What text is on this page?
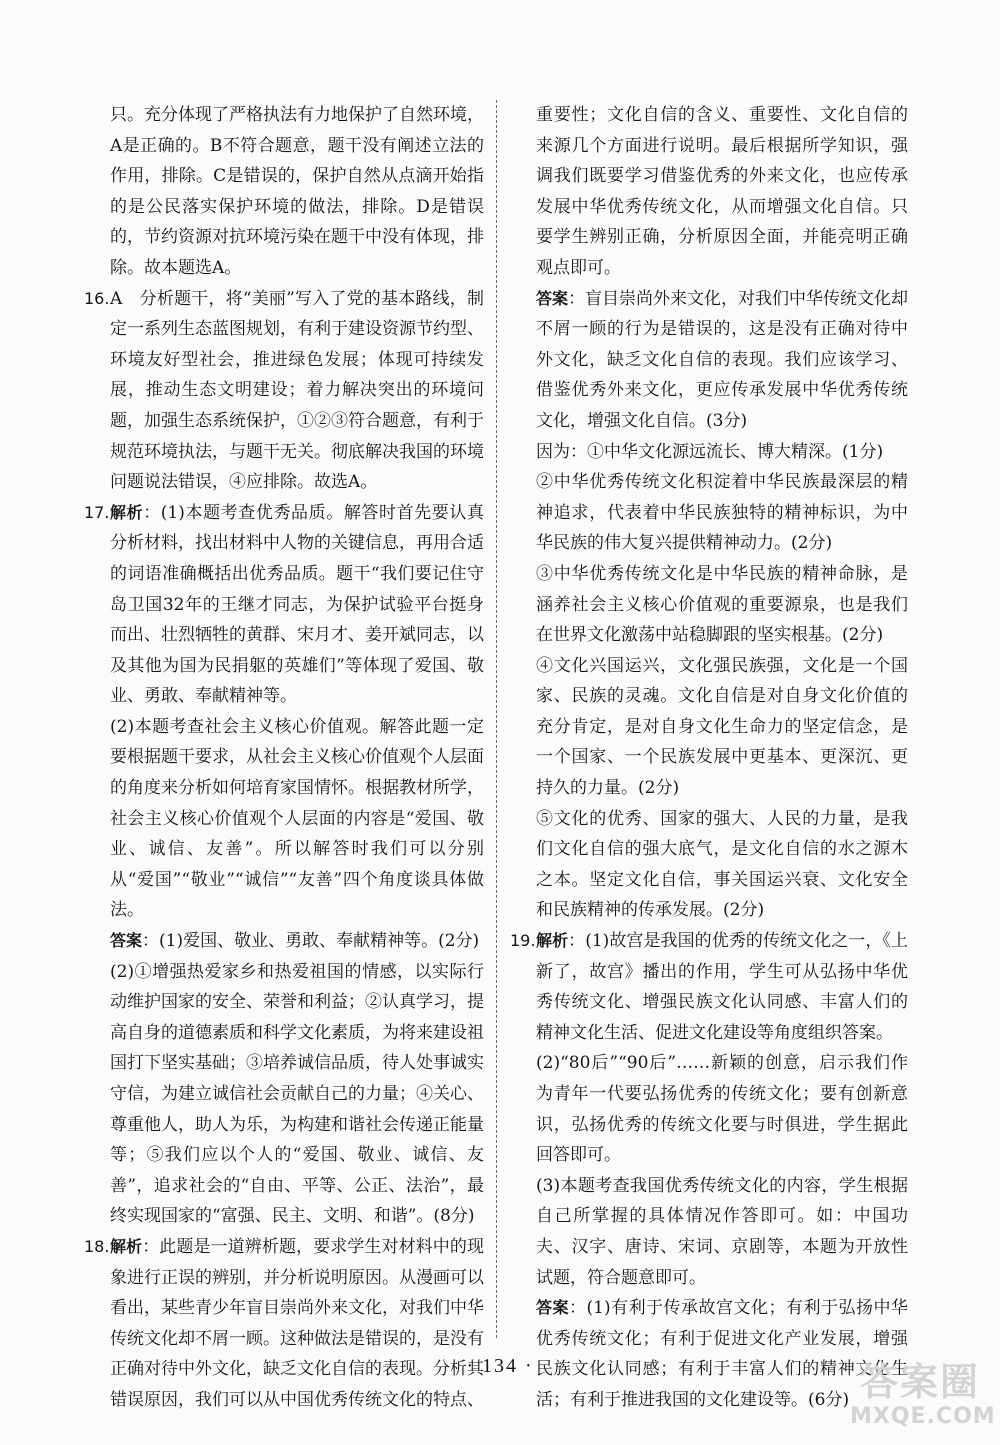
只。充分体现了严格执法有力地保护了自然环境，A是正确的。B不符合题意，题干没有阐述立法的作用，排除。C是错误的，保护自然从点滴开始指的是公民落实保护环境的做法，排除。D是错误的，节约资源对抗环境污染在题干中没有体现，排除。故本题选A。

16. A　分析题干，将“美丽”写入了党的基本路线，制定一系列生态蓝图规划，有利于建设资源节约型、环境友好型社会，推进绿色发展；体现可持续发展，推动生态文明建设；着力解决突出的环境问题，加强生态系统保护，①②③符合题意，有利于规范环境执法，与题干无关。彻底解决我国的环境问题说法错误，④应排除。故选A。

17. 解析：(1)本题考查优秀品质。解答时首先要认真分析材料，找出材料中人物的关键信息，再用合适的词语准确概括出优秀品质。题干“我们要记住守岛卫国32年的王继才同志，为保护试验平台挺身而出、壮烈牺牲的黄群、宋月才、姜开斌同志，以及其他为国为民捐躯的英雄们”等体现了爱国、敬业、勇敢、奉献精神等。

(2)本题考查社会主义核心价值观。解答此题一定要根据题干要求，从社会主义核心价值观个人层面的角度来分析如何培育家国情怀。根据教材所学，社会主义核心价值观个人层面的内容是“爱国、敬业、诚信、友善”。所以解答时我们可以分别从“爱国”“敬业”“诚信”“友善”四个角度谈具体做法。

答案：(1)爱国、敬业、勇敢、奉献精神等。(2分)

(2)①增强热爱家乡和热爱祖国的情感，以实际行动维护国家的安全、荣誉和利益；②认真学习，提高自身的道德素质和科学文化素质，为将来建设祖国打下坚实基础；③培养诚信品质，待人处事诚实守信，为建立诚信社会贡献自己的力量；④关心、尊重他人，助人为乐，为构建和谐社会传递正能量等；⑤我们应以个人的“爱国、敬业、诚信、友善”，追求社会的“自由、平等、公正、法治”，最终实现国家的“富强、民主、文明、和谐”。(8分)

18. 解析：此题是一道辨析题，要求学生对材料中的现象进行正误的辨别，并分析说明原因。从漫画可以看出，某些青少年盲目崇尚外来文化，对我们中华传统文化却不屑一顾。这种做法是错误的，是没有正确对待中外文化，缺乏文化自信的表现。分析其错误原因，我们可以从中国优秀传统文化的特点、

重要性；文化自信的含义、重要性、文化自信的来源几个方面进行说明。最后根据所学知识，强调我们既要学习借鉴优秀的外来文化，也应传承发展中华优秀传统文化，从而增强文化自信。只要学生辨别正确，分析原因全面，并能亮明正确观点即可。

答案：盲目崇尚外来文化，对我们中华传统文化却不屑一顾的行为是错误的，这是没有正确对待中外文化，缺乏文化自信的表现。我们应该学习、借鉴优秀外来文化，更应传承发展中华优秀传统文化，增强文化自信。(3分)

因为：①中华文化源远流长、博大精深。(1分)

②中华优秀传统文化积淀着中华民族最深层的精神追求，代表着中华民族独特的精神标识，为中华民族的伟大复兴提供精神动力。(2分)

③中华优秀传统文化是中华民族的精神命脉，是涵养社会主义核心价值观的重要源泉，也是我们在世界文化激荡中站稳脚跟的坚实根基。(2分)

④文化兴国运兴，文化强民族强，文化是一个国家、民族的灵魂。文化自信是对自身文化价值的充分肯定，是对自身文化生命力的坚定信念，是一个国家、一个民族发展中更基本、更深沉、更持久的力量。(2分)

⑤文化的优秀、国家的强大、人民的力量，是我们文化自信的强大底气，是文化自信的水之源木之本。坚定文化自信，事关国运兴衰、文化安全和民族精神的传承发展。(2分)

19. 解析：(1)故宫是我国的优秀的传统文化之一，《上新了，故宫》播出的作用，学生可从弘扬中华优秀传统文化、增强民族文化认同感、丰富人们的精神文化生活、促进文化建设等角度组织答案。

(2)“80后”“90后”……新颖的创意，启示我们作为青年一代要弘扬优秀的传统文化；要有创新意识，弘扬优秀的传统文化要与时俱进，学生据此回答即可。

(3)本题考查我国优秀传统文化的内容，学生根据自己所掌握的具体情况作答即可。如：中国功夫、汉字、唐诗、宋词、京剧等，本题为开放性试题，符合题意即可。

答案：(1)有利于传承故宫文化；有利于弘扬中华优秀传统文化；有利于促进文化产业发展，增强民族文化认同感；有利于丰富人们的精神文化生活；有利于推进我国的文化建设等。(6分)

· 134 ·	答案圈
MXQE.COM
